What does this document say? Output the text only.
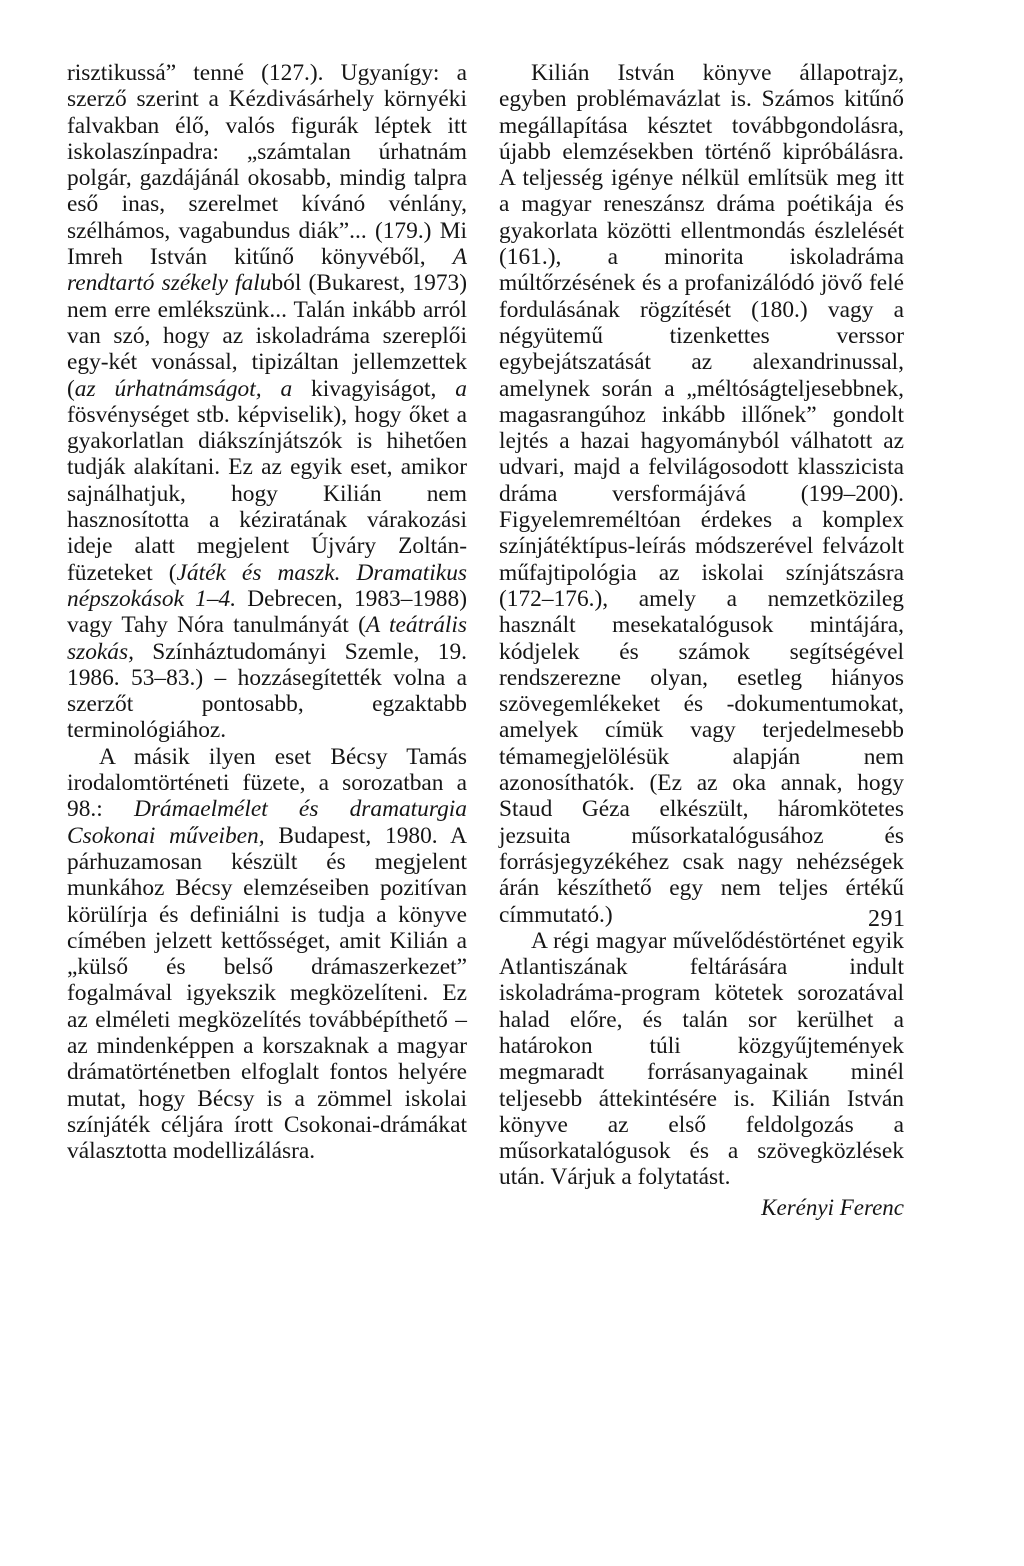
risztikussá” tenné (127.). Ugyanígy: a szerző szerint a Kézdivásárhely környéki falvakban élő, valós figurák léptek itt iskolaszínpadra: „számtalan úrhatnám polgár, gazdájánál okosabb, mindig talpra eső inas, szerelmet kívánó vénlány, szélhámos, vagabundus diák”... (179.) Mi Imreh István kitűnő könyvéből, A rendtartó székely faluból (Bukarest, 1973) nem erre emlékszünk... Talán inkább arról van szó, hogy az iskoladráma szereplői egy-két vonással, tipizáltan jellemzettek (az úrhatnámságot, a kivagyiságot, a fösvénységet stb. képviselik), hogy őket a gyakorlatlan diákszínjátszók is hihetően tudják alakítani. Ez az egyik eset, amikor sajnálhatjuk, hogy Kilián nem hasznosította a kéziratának várakozási ideje alatt megjelent Újváry Zoltán-füzeteket (Játék és maszk. Dramatikus népszokások 1–4. Debrecen, 1983–1988) vagy Tahy Nóra tanulmányát (A teátrális szokás, Színháztudományi Szemle, 19. 1986. 53–83.) – hozzásegítették volna a szerzőt pontosabb, egzaktabb terminológiához.

A másik ilyen eset Bécsy Tamás irodalomtörténeti füzete, a sorozatban a 98.: Drámaelmélet és dramaturgia Csokonai műveiben, Budapest, 1980. A párhuzamosan készült és megjelent munkához Bécsy elemzéseiben pozitívan körülírja és definiálni is tudja a könyve címében jelzett kettősséget, amit Kilián a „külső és belső drámaszerkezet” fogalmával igyekszik megközelíteni. Ez az elméleti megközelítés továbbépíthető – az mindenképpen a korszaknak a magyar drámatörténetben elfoglalt fontos helyére mutat, hogy Bécsy is a zömmel iskolai színjáték céljára írott Csokonai-drámákat választotta modellizálásra.

Kilián István könyve állapotrajz, egyben problémavázlat is. Számos kitűnő megállapítása késztet továbbgondolásra, újabb elemzésekben történő kipróbálásra. A teljesség igénye nélkül említsük meg itt a magyar reneszánsz dráma poétikája és gyakorlata közötti ellentmondás észlelését (161.), a minorita iskoladráma múltőrzésének és a profanizálódó jövő felé fordulásának rögzítését (180.) vagy a négyütemű tizenkettes verssor egybejátszatását az alexandrinussal, amelynek során a „méltóságteljesebbnek, magasrangúhoz inkább illőnek” gondolt lejtés a hazai hagyományból válhatott az udvari, majd a felvilágosodott klasszicista dráma versformájává (199–200). Figyelemreméltóan érdekes a komplex színjátéktípus-leírás módszerével felvázolt műfajtipológia az iskolai színjátszásra (172–176.), amely a nemzetközileg használt mesekatalógusok mintájára, kódjelek és számok segítségével rendszerezne olyan, esetleg hiányos szövegemlékeket és -dokumentumokat, amelyek címük vagy terjedelmesebb témamegjelölésük alapján nem azonosíthatók. (Ez az oka annak, hogy Staud Géza elkészült, háromkötetes jezsuita műsorkatalógusához és forrásjegyzékéhez csak nagy nehézségek árán készíthető egy nem teljes értékű címmutató.)

A régi magyar művelődéstörténet egyik Atlantiszának feltárására indult iskoladráma-program kötetek sorozatával halad előre, és talán sor kerülhet a határokon túli közgyűjtemények megmaradt forrásanyagainak minél teljesebb áttekintésére is. Kilián István könyve az első feldolgozás a műsorkatalógusok és a szövegközlések után. Várjuk a folytatást.

Kerényi Ferenc
291
